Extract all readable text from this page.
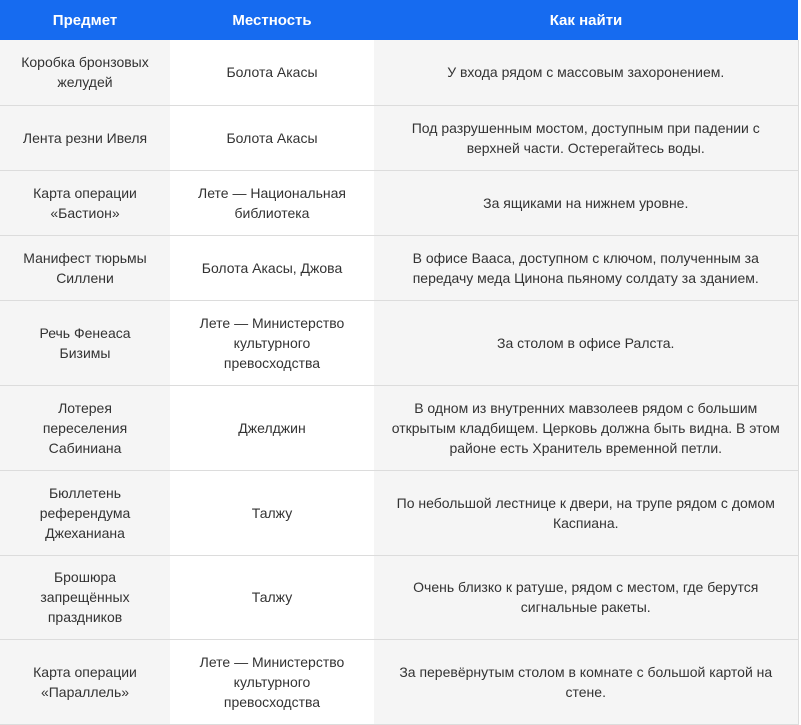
Предмет	Местность	Как найти
Коробка бронзовых желудей	Болота Акасы	У входа рядом с массовым захоронением.
Лента резни Ивеля	Болота Акасы	Под разрушенным мостом, доступным при падении с верхней части. Остерегайтесь воды.
Карта операции «Бастион»	Лете — Национальная библиотека	За ящиками на нижнем уровне.
Манифест тюрьмы Силлени	Болота Акасы, Джова	В офисе Вааса, доступном с ключом, полученным за передачу меда Цинона пьяному солдату за зданием.
Речь Фенеаса Бизимы	Лете — Министерство культурного превосходства	За столом в офисе Ралста.
Лотерея переселения Сабиниана	Джелджин	В одном из внутренних мавзолеев рядом с большим открытым кладбищем. Церковь должна быть видна. В этом районе есть Хранитель временной петли.
Бюллетень референдума Джеханиана	Талжу	По небольшой лестнице к двери, на трупе рядом с домом Каспиана.
Брошюра запрещённых праздников	Талжу	Очень близко к ратуше, рядом с местом, где берутся сигнальные ракеты.
Карта операции «Параллель»	Лете — Министерство культурного превосходства	За перевёрнутым столом в комнате с большой картой на стене.
